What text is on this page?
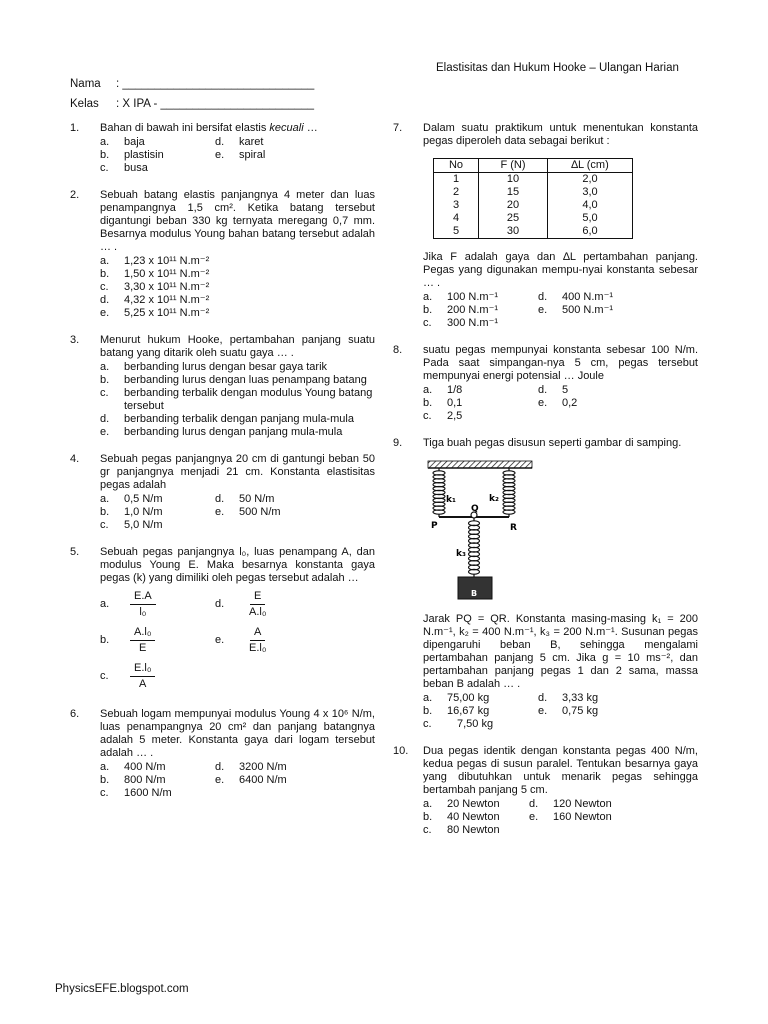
Elastisitas dan Hukum Hooke – Ulangan Harian
Nama : ______________________________
Kelas : X IPA - ________________________
1. Bahan di bawah ini bersifat elastis kecuali …
a.	baja	d.	karet
b.	plastisin	e.	spiral
c.	busa
2. Sebuah batang elastis panjangnya 4 meter dan luas penampangnya 1,5 cm². Ketika batang tersebut digantungi beban 330 kg ternyata meregang 0,7 mm. Besarnya modulus Young bahan batang tersebut adalah … .
a.	1,23 x 10¹¹ N.m⁻²
b.	1,50 x 10¹¹ N.m⁻²
c.	3,30 x 10¹¹ N.m⁻²
d.	4,32 x 10¹¹ N.m⁻²
e.	5,25 x 10¹¹ N.m⁻²
3. Menurut hukum Hooke, pertambahan panjang suatu batang yang ditarik oleh suatu gaya … .
a.	berbanding lurus dengan besar gaya tarik
b.	berbanding lurus dengan luas penampang batang
c.	berbanding terbalik dengan modulus Young batang tersebut
d.	berbanding terbalik dengan panjang mula-mula
e.	berbanding lurus dengan panjang mula-mula
4. Sebuah pegas panjangnya 20 cm di gantungi beban 50 gr panjangnya menjadi 21 cm. Konstanta elastisitas pegas adalah
a.	0,5 N/m	d.	50 N/m
b.	1,0 N/m	e.	500 N/m
c.	5,0 N/m
5. Sebuah pegas panjangnya l₀, luas penampang A, dan modulus Young E. Maka besarnya konstanta gaya pegas (k) yang dimiliki oleh pegas tersebut adalah …
a.	$\frac{E.A}{\text{l₀}}$	d.	$\frac{E}{\text{A.l₀}}$
b.	$\frac{\text{A.l₀}}{E}$	e.	$\frac{A}{\text{E.l₀}}$
c.	$\frac{\text{E.l₀}}{A}$
6. Sebuah logam mempunyai modulus Young 4 x 10⁶ N/m, luas penampangnya 20 cm² dan panjang batangnya adalah 5 meter. Konstanta gaya dari logam tersebut adalah … .
a.	400 N/m	d.	3200 N/m
b.	800 N/m	e.	6400 N/m
c.	1600 N/m
7. Dalam suatu praktikum untuk menentukan konstanta pegas diperoleh data sebagai berikut :
No	F (N)	∆L (cm)
1	10	2,0
2	15	3,0
3	20	4,0
4	25	5,0
5	30	6,0
Jika F adalah gaya dan ∆L pertambahan panjang. Pegas yang digunakan mempu-nyai konstanta sebesar … .
a.	100 N.m⁻¹	d.	400 N.m⁻¹
b.	200 N.m⁻¹	e.	500 N.m⁻¹
c.	300 N.m⁻¹
8. suatu pegas mempunyai konstanta sebesar 100 N/m. Pada saat simpangan-nya 5 cm, pegas tersebut mempunyai energi potensial … Joule
a.	1/8	d.	5
b.	0,1	e.	0,2
c.	2,5
9. Tiga buah pegas disusun seperti gambar di samping.
k₁	k₂
k₃
P
Q
R
B
Jarak PQ = QR. Konstanta masing-masing k₁ = 200 N.m⁻¹, k₂ = 400 N.m⁻¹, k₃ = 200 N.m⁻¹. Susunan pegas dipengaruhi beban B, sehingga mengalami pertambahan panjang 5 cm. Jika g = 10 ms⁻², dan pertambahan panjang pegas 1 dan 2 sama, massa beban B adalah … .
a.	75,00 kg	d.	3,33 kg
b.	16,67 kg	e.	0,75 kg
c.	7,50 kg
10. Dua pegas identik dengan konstanta pegas 400 N/m, kedua pegas di susun paralel. Tentukan besarnya gaya yang dibutuhkan untuk menarik pegas sehingga bertambah panjang 5 cm.
a.	20 Newton	d.	120 Newton
b.	40 Newton	e.	160 Newton
c.	80 Newton
PhysicsEFE.blogspot.com
